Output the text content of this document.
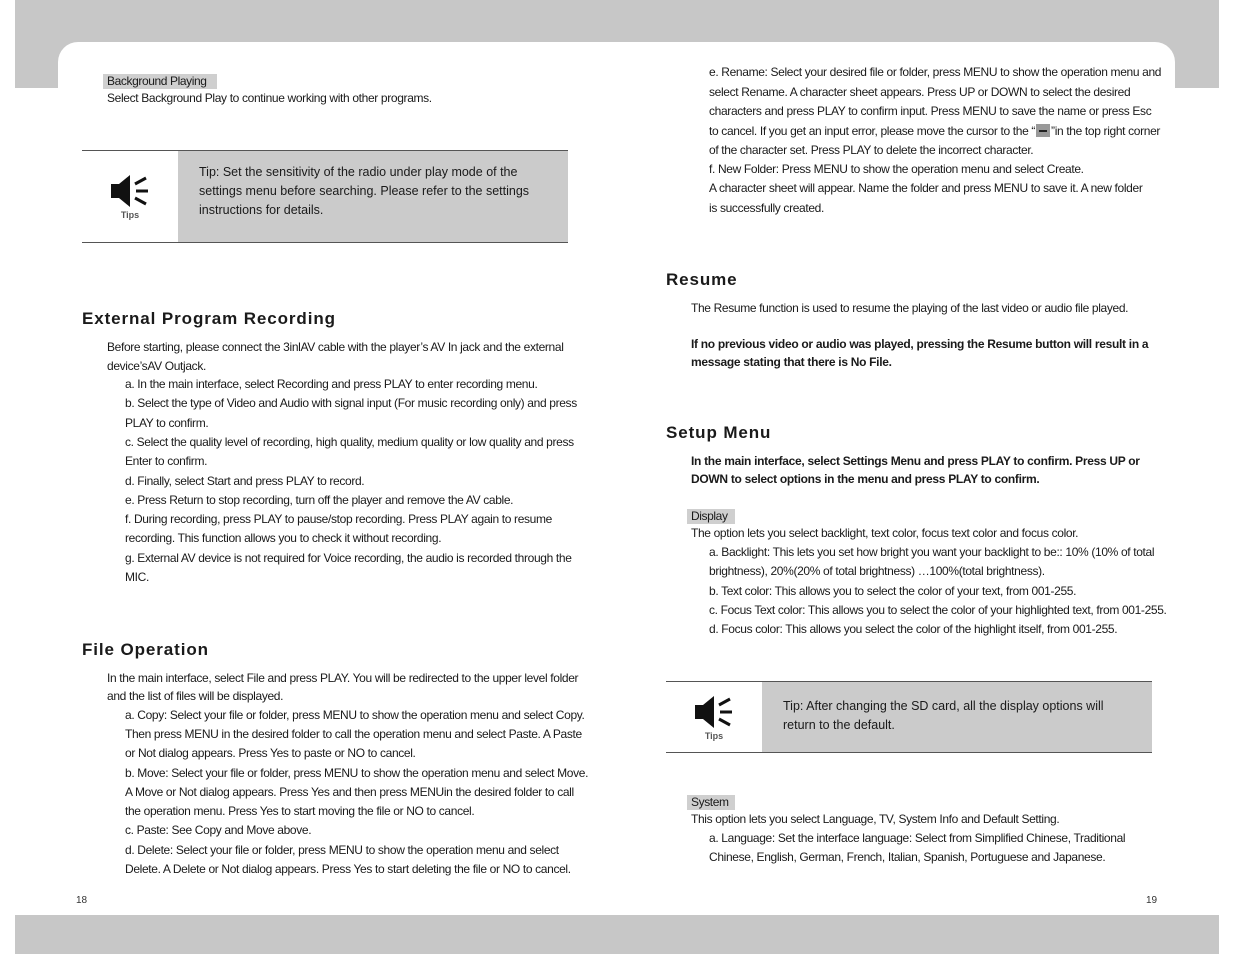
Background Playing
Select Background Play to continue working with other programs.
Tips
Tip: Set the sensitivity of the radio under play mode of the
settings menu before searching. Please refer to the settings
instructions for details.
External Program Recording
Before starting, please connect the 3inlAV cable with the player’s AV In jack and the external
device’sAV Outjack.
a. In the main interface, select Recording and press PLAY to enter recording menu.
b. Select the type of Video and Audio with signal input (For music recording only) and press
PLAY to confirm.
c. Select the quality level of recording, high quality, medium quality or low quality and press
Enter to confirm.
d. Finally, select Start and press PLAY to record.
e. Press Return to stop recording, turn off the player and remove the AV cable.
f. During recording, press PLAY to pause/stop recording. Press PLAY again to resume
recording. This function allows you to check it without recording.
g. External AV device is not required for Voice recording, the audio is recorded through the
MIC.
File Operation
In the main interface, select File and press PLAY. You will be redirected to the upper level folder
and the list of files will be displayed.
a. Copy: Select your file or folder, press MENU to show the operation menu and select Copy.
Then press MENU in the desired folder to call the operation menu and select Paste. A Paste
or Not dialog appears. Press Yes to paste or NO to cancel.
b. Move: Select your file or folder, press MENU to show the operation menu and select Move.
A Move or Not dialog appears. Press Yes and then press MENUin the desired folder to call
the operation menu. Press Yes to start moving the file or NO to cancel.
c. Paste: See Copy and Move above.
d. Delete: Select your file or folder, press MENU to show the operation menu and select
Delete. A Delete or Not dialog appears. Press Yes to start deleting the file or NO to cancel.
18
e. Rename: Select your desired file or folder, press MENU to show the operation menu and
select Rename. A character sheet appears. Press UP or DOWN to select the desired
characters and press PLAY to confirm input. Press MENU to save the name or press Esc
to cancel. If you get an input error, please move the cursor to the “ ”in the top right corner
of the character set. Press PLAY to delete the incorrect character.
f. New Folder: Press MENU to show the operation menu and select Create.
A character sheet will appear. Name the folder and press MENU to save it. A new folder
is successfully created.
Resume
The Resume function is used to resume the playing of the last video or audio file played.
If no previous video or audio was played, pressing the Resume button will result in a
message stating that there is No File.
Setup Menu
In the main interface, select Settings Menu and press PLAY to confirm. Press UP or
DOWN to select options in the menu and press PLAY to confirm.
Display
The option lets you select backlight, text color, focus text color and focus color.
a. Backlight: This lets you set how bright you want your backlight to be:: 10% (10% of total
brightness), 20%(20% of total brightness) …100%(total brightness).
b. Text color: This allows you to select the color of your text, from 001-255.
c. Focus Text color: This allows you to select the color of your highlighted text, from 001-255.
d. Focus color: This allows you select the color of the highlight itself, from 001-255.
Tips
Tip: After changing the SD card, all the display options will
return to the default.
System
This option lets you select Language, TV, System Info and Default Setting.
a. Language: Set the interface language: Select from Simplified Chinese, Traditional
Chinese, English, German, French, Italian, Spanish, Portuguese and Japanese.
19
